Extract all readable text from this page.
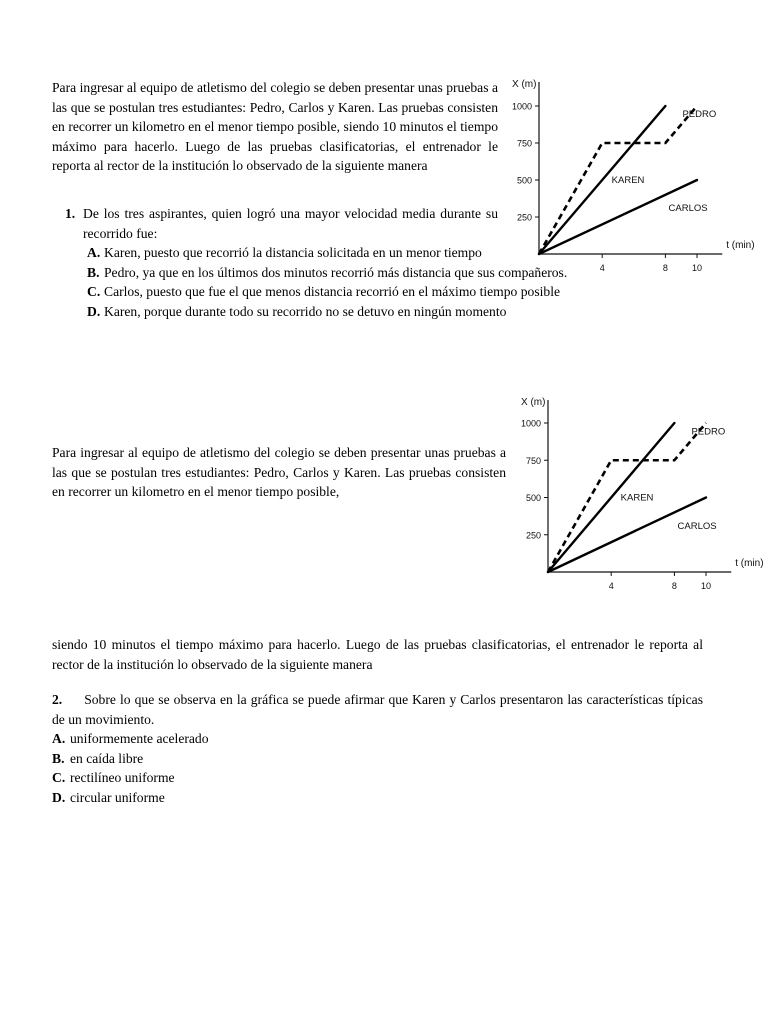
Para ingresar al equipo de atletismo del colegio se deben presentar unas pruebas a las que se postulan tres estudiantes: Pedro, Carlos y Karen. Las pruebas consisten en recorrer un kilometro en el menor tiempo posible, siendo 10 minutos el tiempo máximo para hacerlo. Luego de las pruebas clasificatorias, el entrenador le reporta al rector de la institución lo observado de la siguiente manera

1. De los tres aspirantes, quien logró una mayor velocidad media durante su recorrido fue:
A. Karen, puesto que recorrió la distancia solicitada en un menor tiempo
B. Pedro, ya que en los últimos dos minutos recorrió más distancia que sus compañeros.
C. Carlos, puesto que fue el que menos distancia recorrió en el máximo tiempo posible
D. Karen, porque durante todo su recorrido no se detuvo en ningún momento
X (m)
t (min)
250
500
750
1000
4	8	10
PEDRO
KAREN
CARLOS

Para ingresar al equipo de atletismo del colegio se deben presentar unas pruebas a las que se postulan tres estudiantes: Pedro, Carlos y Karen. Las pruebas consisten en recorrer un kilometro en el menor tiempo posible,

X (m)
t (min)
250
500
750
1000
4	8	10
PEDRO
KAREN
CARLOS

siendo 10 minutos el tiempo máximo para hacerlo. Luego de las pruebas clasificatorias, el entrenador le reporta al rector de la institución lo observado de la siguiente manera

2. Sobre lo que se observa en la gráfica se puede afirmar que Karen y Carlos presentaron las características típicas de un movimiento.
A. uniformemente acelerado
B. en caída libre
C. rectilíneo uniforme
D. circular uniforme
